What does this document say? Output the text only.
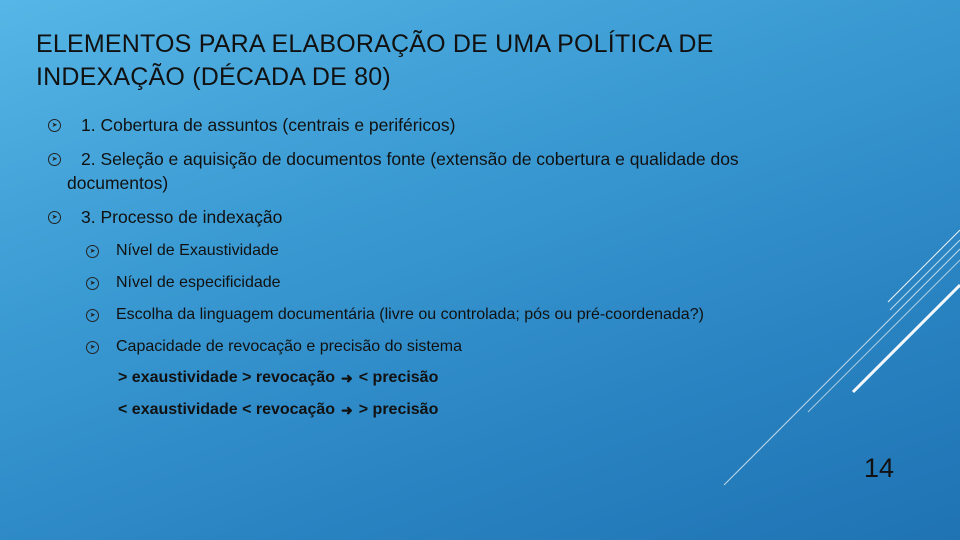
ELEMENTOS PARA ELABORAÇÃO DE UMA POLÍTICA DE
INDEXAÇÃO (DÉCADA DE 80)
➤ 1. Cobertura de assuntos (centrais e periféricos)
➤ 2. Seleção e aquisição de documentos fonte (extensão de cobertura e qualidade dos
documentos)
➤ 3. Processo de indexação
➤ Nível de Exaustividade
➤ Nível de especificidade
➤ Escolha da linguagem documentária (livre ou controlada; pós ou pré-coordenada?)
➤ Capacidade de revocação e precisão do sistema
> exaustividade > revocação ➜ < precisão
< exaustividade < revocação ➜ > precisão
14
